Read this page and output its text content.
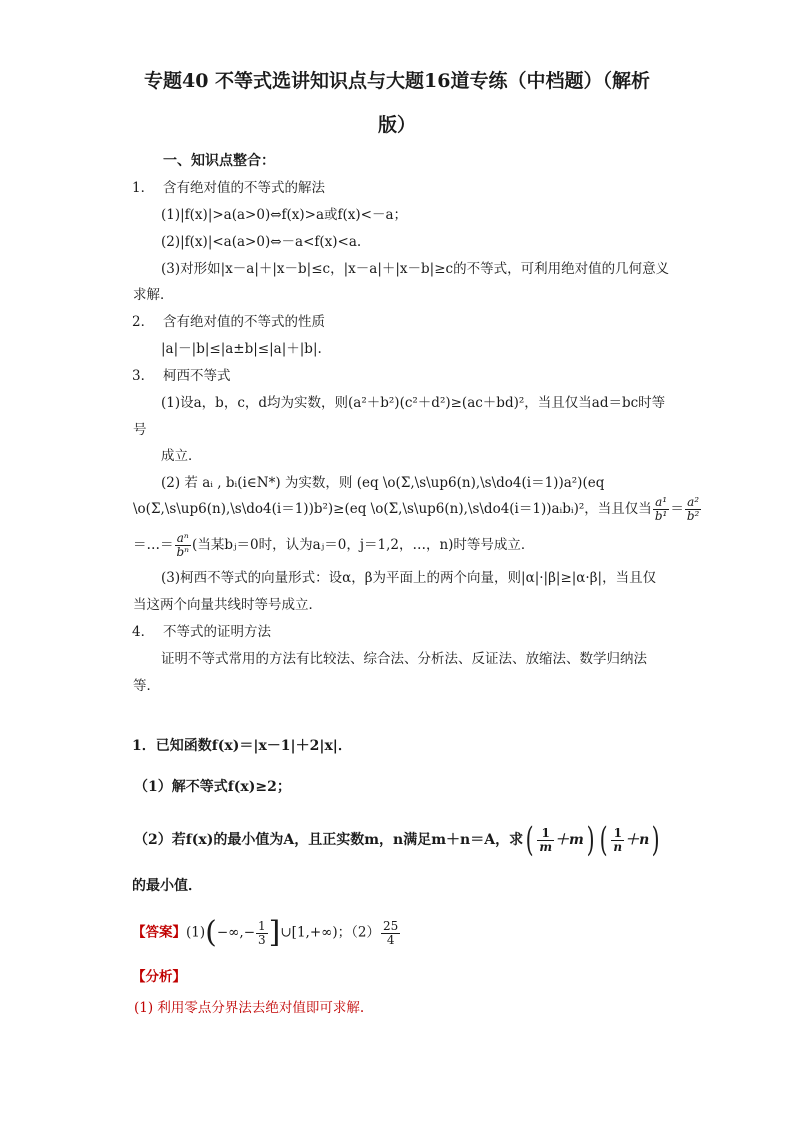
专题40 不等式选讲知识点与大题16道专练（中档题）（解析
版）
一、知识点整合：
1． 含有绝对值的不等式的解法
(1)|f(x)|>a(a>0)⇔f(x)>a或f(x)<－a；
(2)|f(x)|<a(a>0)⇔－a<f(x)<a.
(3)对形如|x－a|＋|x－b|≤c，|x－a|＋|x－b|≥c的不等式，可利用绝对值的几何意义
求解．
2． 含有绝对值的不等式的性质
|a|－|b|≤|a±b|≤|a|＋|b|.
3． 柯西不等式
(1)设a，b，c，d均为实数，则(a²＋b²)(c²＋d²)≥(ac＋bd)²，当且仅当ad＝bc时等
号
成立．
(2) 若 aᵢ , bᵢ(i∈N*) 为实数，则 (eq \o(Σ,\s\up6(n),\s\do4(i＝1))a²)(eq
\o(Σ,\s\up6(n),\s\do4(i＝1))b²)≥(eq \o(Σ,\s\up6(n),\s\do4(i＝1))aᵢbᵢ)²，当且仅当 $\frac{\text{a¹}}{\text{b¹}} = \frac{\text{a²}}{\text{b²}}$
＝…＝ $\frac{\text{aⁿ}}{\text{bⁿ}}$ (当某bⱼ＝0时，认为aⱼ＝0，j＝1,2，…，n)时等号成立．
(3)柯西不等式的向量形式：设α，β为平面上的两个向量，则|α|·|β|≥|α·β|，当且仅
当这两个向量共线时等号成立．
4． 不等式的证明方法
证明不等式常用的方法有比较法、综合法、分析法、反证法、放缩法、数学归纳法
等．
1．已知函数f(x)＝|x－1|＋2|x|．
（1）解不等式f(x)≥2；
（2）若f(x)的最小值为A，且正实数m，n满足m＋n＝A，求( $\frac{1}{m} +m$) ( $\frac{1}{n} +n$)
的最小值．
【答案】$(1)(-\infty,- \frac{1}{3}$ ]∪[1,+∞)；$(2) \frac{25}{4}$
【分析】
(1) 利用零点分界法去绝对值即可求解.
